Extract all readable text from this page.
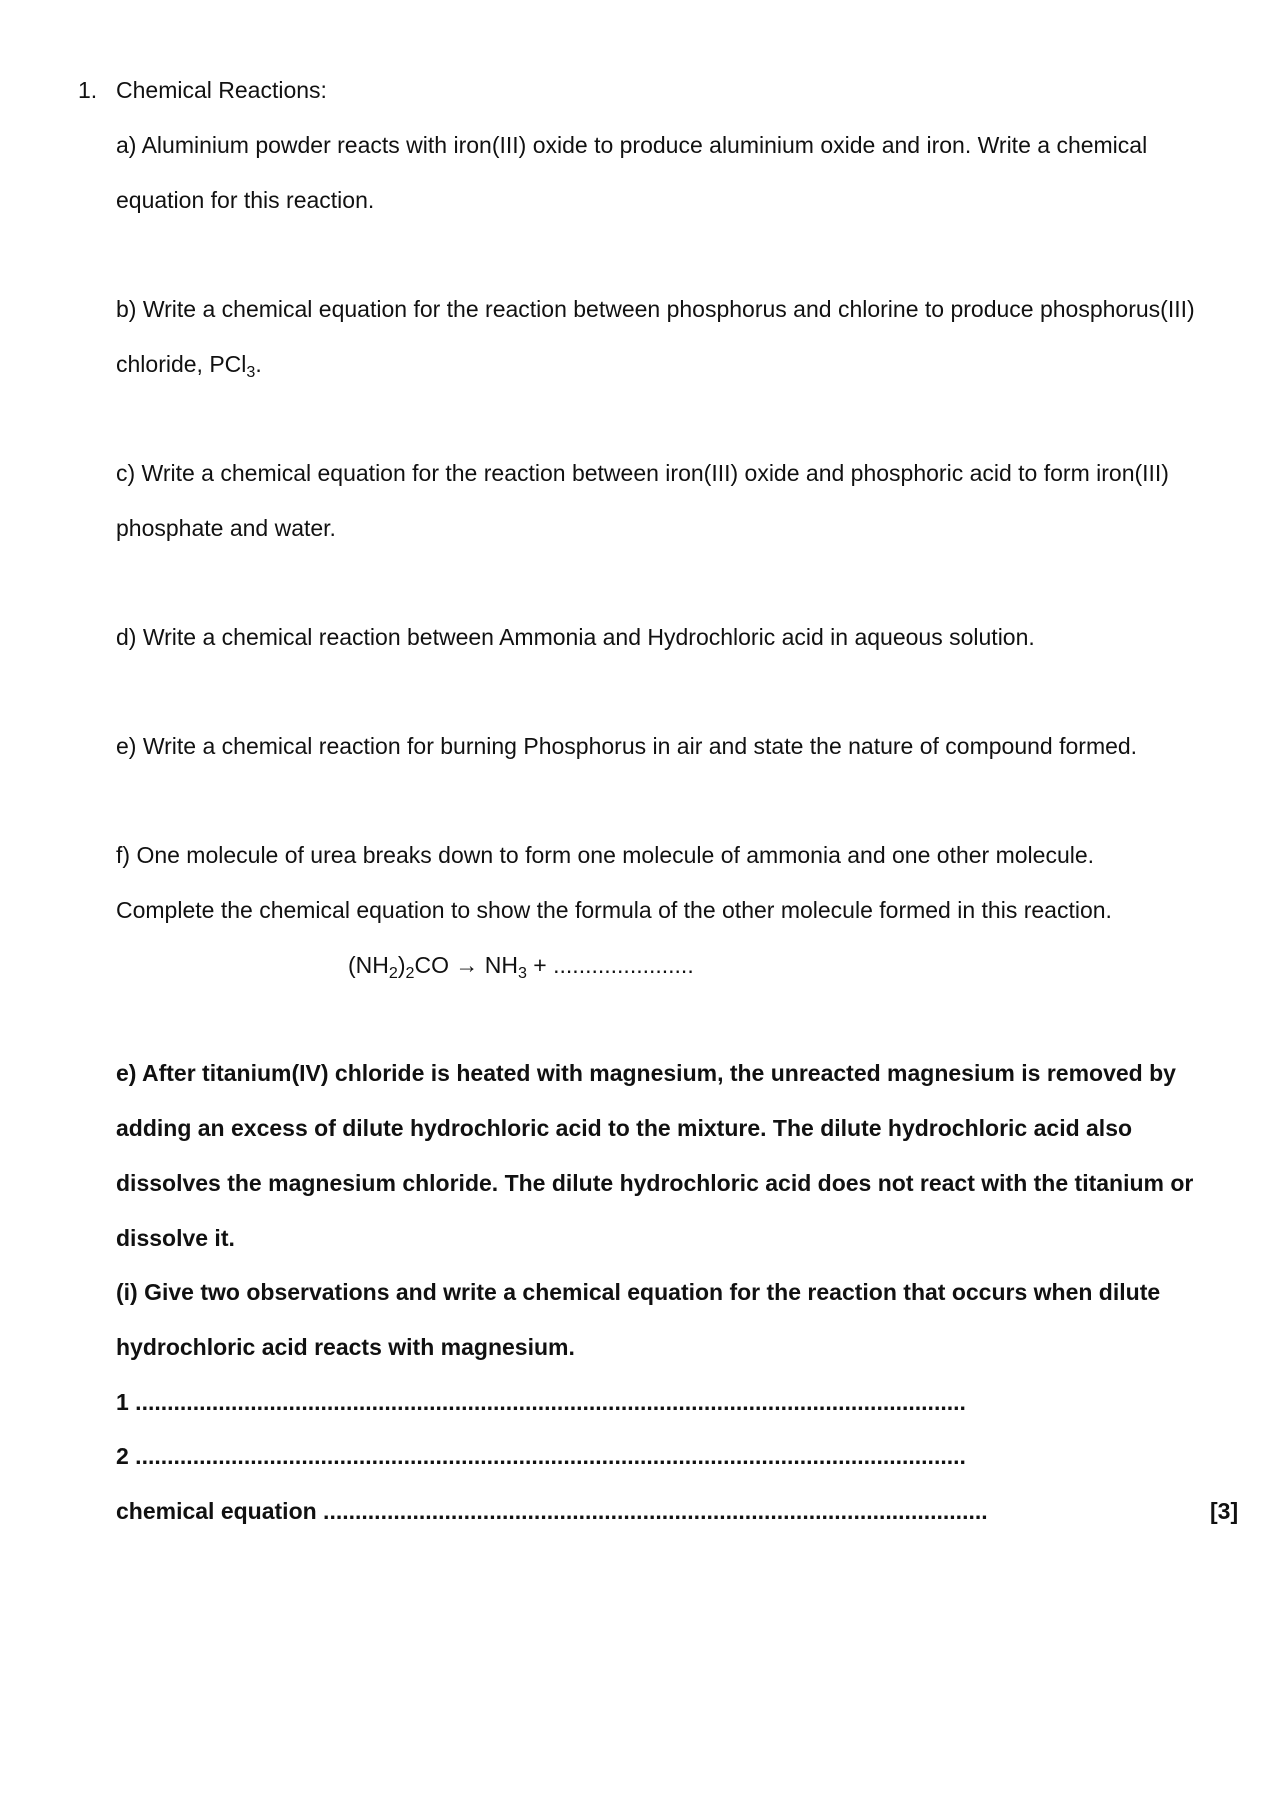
1. Chemical Reactions:
a) Aluminium powder reacts with iron(III) oxide to produce aluminium oxide and iron. Write a chemical
equation for this reaction.
b) Write a chemical equation for the reaction between phosphorus and chlorine to produce phosphorus(III)
chloride, PCl$_3$.
c) Write a chemical equation for the reaction between iron(III) oxide and phosphoric acid to form iron(III)
phosphate and water.
d) Write a chemical reaction between Ammonia and Hydrochloric acid in aqueous solution.
e) Write a chemical reaction for burning Phosphorus in air and state the nature of compound formed.
f) One molecule of urea breaks down to form one molecule of ammonia and one other molecule.
Complete the chemical equation to show the formula of the other molecule formed in this reaction.
$(NH_2)_2CO \to NH_3$ + ......................
e) After titanium(IV) chloride is heated with magnesium, the unreacted magnesium is removed by
adding an excess of dilute hydrochloric acid to the mixture. The dilute hydrochloric acid also
dissolves the magnesium chloride. The dilute hydrochloric acid does not react with the titanium or
dissolve it.
(i) Give two observations and write a chemical equation for the reaction that occurs when dilute
hydrochloric acid reacts with magnesium.
1 ..................................................................................................................................
2 ..................................................................................................................................
chemical equation ........................................................................................................	[3]
